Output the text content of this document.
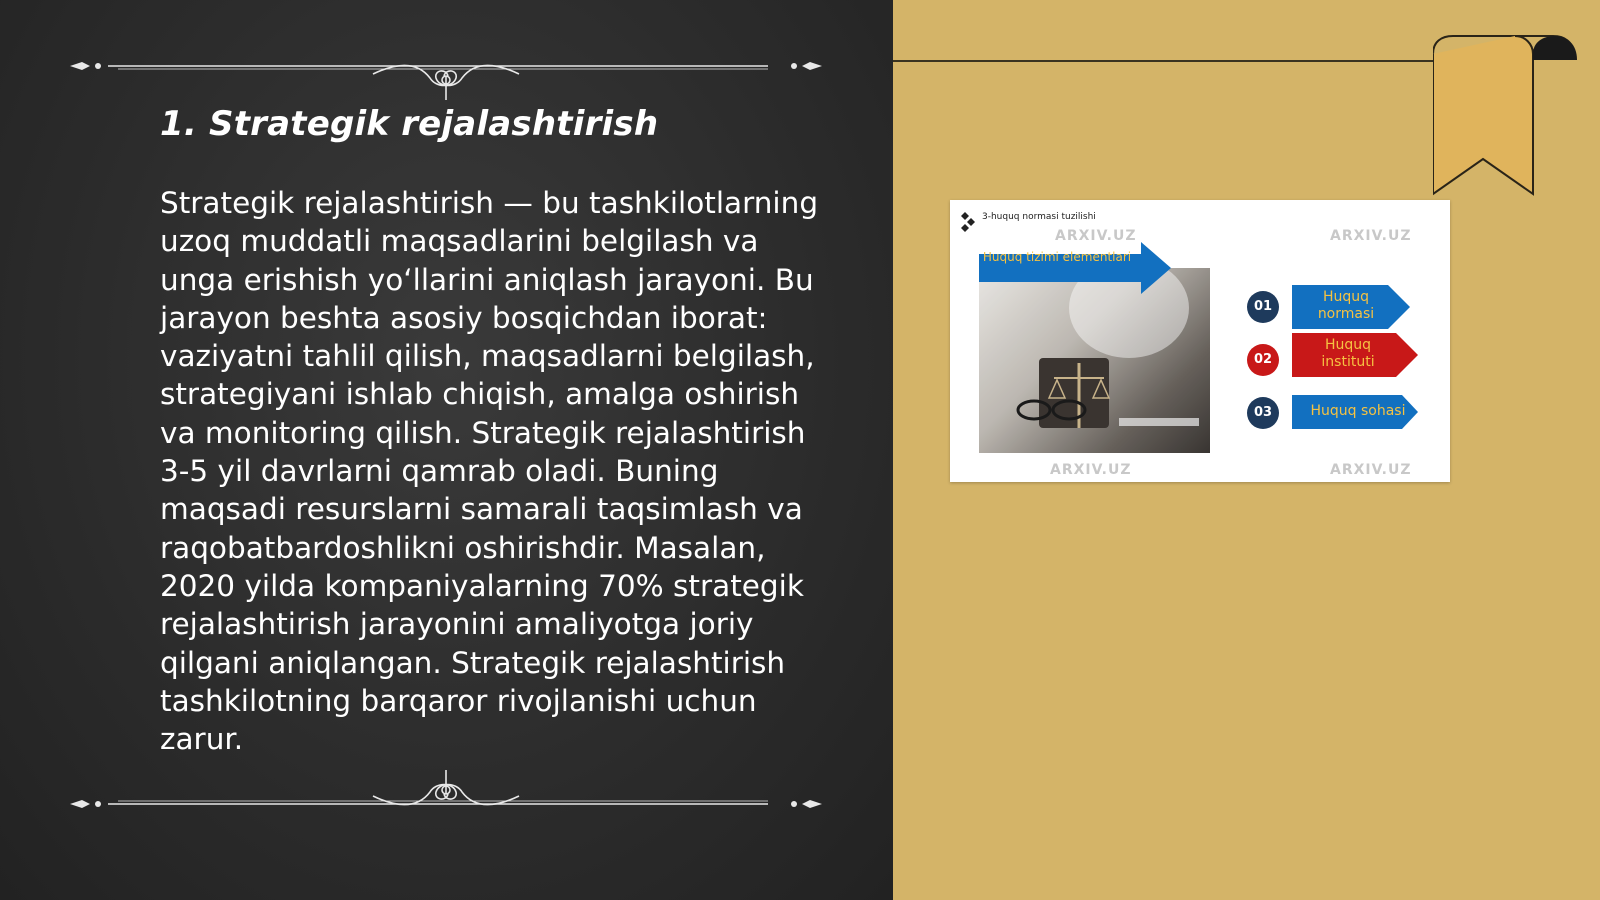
1. Strategik rejalashtirish

Strategik rejalashtirish — bu tashkilotlarning uzoq muddatli maqsadlarini belgilash va unga erishish yo‘llarini aniqlash jarayoni. Bu jarayon beshta asosiy bosqichdan iborat: vaziyatni tahlil qilish, maqsadlarni belgilash, strategiyani ishlab chiqish, amalga oshirish va monitoring qilish. Strategik rejalashtirish 3-5 yil davrlarni qamrab oladi. Buning maqsadi resurslarni samarali taqsimlash va raqobatbardoshlikni oshirishdir. Masalan, 2020 yilda kompaniyalarning 70% strategik rejalashtirish jarayonini amaliyotga joriy qilgani aniqlangan. Strategik rejalashtirish tashkilotning barqaror rivojlanishi uchun zarur.

3-huquq normasi tuzilishi
ARXIV.UZ	ARXIV.UZ
ARXIV.UZ	ARXIV.UZ
Huquq tizimi elementlari
01
02
03
Huquq normasi
Huquq instituti
Huquq sohasi
